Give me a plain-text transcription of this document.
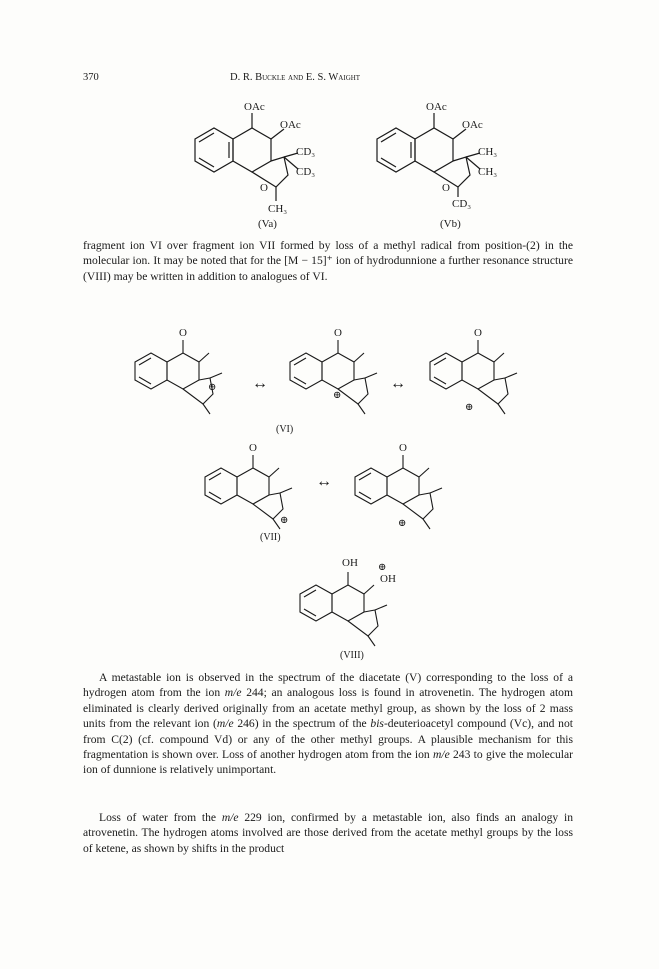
370	D. R. Buckle and E. S. Waight
OAc
OAc
CD₃
CD₃
O
CH₃
(Va)
OAc
OAc
CH₃
CH₃
O
CD₃
(Vb)

fragment ion VI over fragment ion VII formed by loss of a methyl radical from position-(2) in the molecular ion. It may be noted that for the [M − 15]⁺ ion of hydrodunnione a further resonance structure (VIII) may be written in addition to analogues of VI.

O	O	O
⊕
⊕
⊕
↔	↔
(VI)
O	O
⊕	⊕
↔
(VII)
OH ⊕
OH
(VIII)

A metastable ion is observed in the spectrum of the diacetate (V) corresponding to the loss of a hydrogen atom from the ion m/e 244; an analogous loss is found in atrovenetin. The hydrogen atom eliminated is clearly derived originally from an acetate methyl group, as shown by the loss of 2 mass units from the relevant ion (m/e 246) in the spectrum of the bis-deuterioacetyl compound (Vc), and not from C(2) (cf. compound Vd) or any of the other methyl groups. A plausible mechanism for this fragmentation is shown over. Loss of another hydrogen atom from the ion m/e 243 to give the molecular ion of dunnione is relatively unimportant.

Loss of water from the m/e 229 ion, confirmed by a metastable ion, also finds an analogy in atrovenetin. The hydrogen atoms involved are those derived from the acetate methyl groups by the loss of ketene, as shown by shifts in the product
